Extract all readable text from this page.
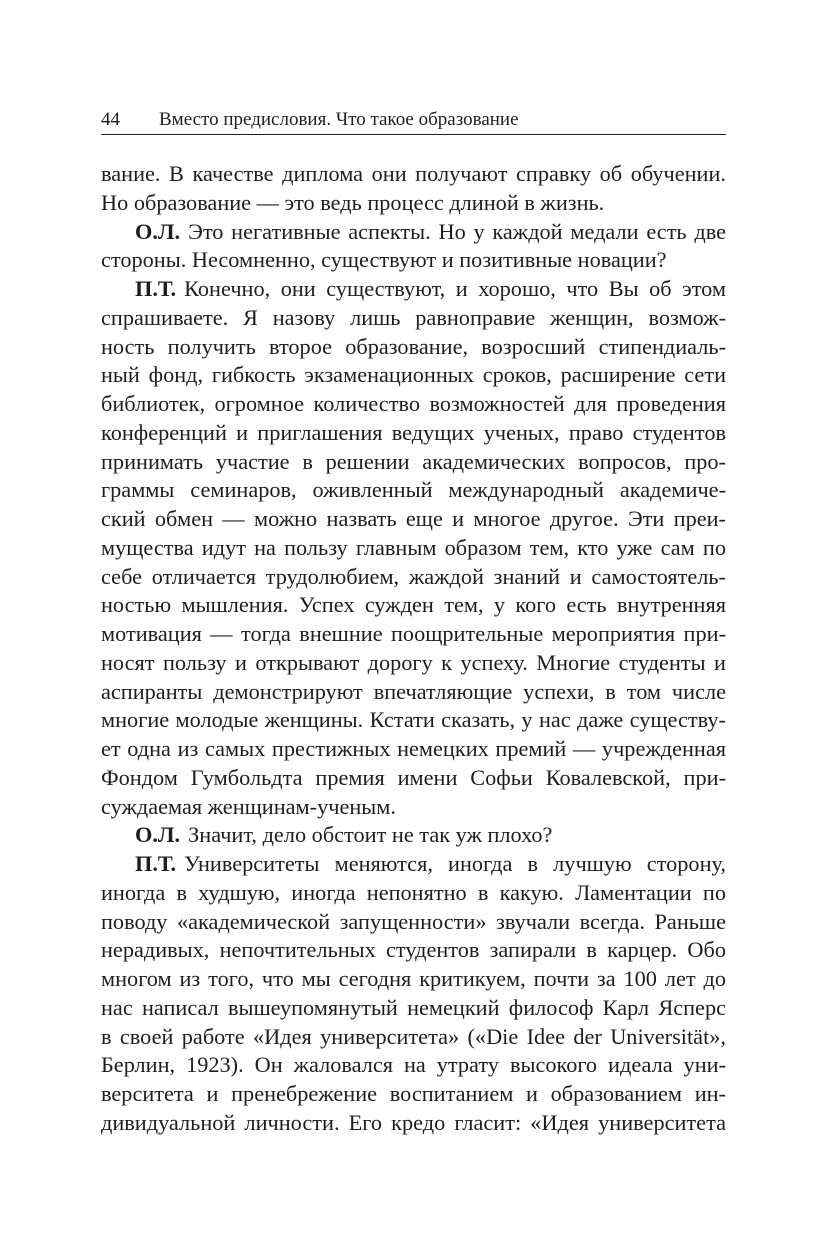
44 Вместо предисловия. Что такое образование
вание. В качестве диплома они получают справку об обучении.
Но образование — это ведь процесс длиной в жизнь.
О.Л. Это негативные аспекты. Но у каждой медали есть две
стороны. Несомненно, существуют и позитивные новации?
П.Т. Конечно, они существуют, и хорошо, что Вы об этом
спрашиваете. Я назову лишь равноправие женщин, возмож-
ность получить второе образование, возросший стипендиаль-
ный фонд, гибкость экзаменационных сроков, расширение сети
библиотек, огромное количество возможностей для проведения
конференций и приглашения ведущих ученых, право студентов
принимать участие в решении академических вопросов, про-
граммы семинаров, оживленный международный академиче-
ский обмен — можно назвать еще и многое другое. Эти преи-
мущества идут на пользу главным образом тем, кто уже сам по
себе отличается трудолюбием, жаждой знаний и самостоятель-
ностью мышления. Успех сужден тем, у кого есть внутренняя
мотивация — тогда внешние поощрительные мероприятия при-
носят пользу и открывают дорогу к успеху. Многие студенты и
аспиранты демонстрируют впечатляющие успехи, в том числе
многие молодые женщины. Кстати сказать, у нас даже существу-
ет одна из самых престижных немецких премий — учрежденная
Фондом Гумбольдта премия имени Софьи Ковалевской, при-
суждаемая женщинам-ученым.
О.Л. Значит, дело обстоит не так уж плохо?
П.Т. Университеты меняются, иногда в лучшую сторону,
иногда в худшую, иногда непонятно в какую. Ламентации по
поводу «академической запущенности» звучали всегда. Раньше
нерадивых, непочтительных студентов запирали в карцер. Обо
многом из того, что мы сегодня критикуем, почти за 100 лет до
нас написал вышеупомянутый немецкий философ Карл Ясперс
в своей работе «Идея университета» («Die Idee der Universität»,
Берлин, 1923). Он жаловался на утрату высокого идеала уни-
верситета и пренебрежение воспитанием и образованием ин-
дивидуальной личности. Его кредо гласит: «Идея университета
